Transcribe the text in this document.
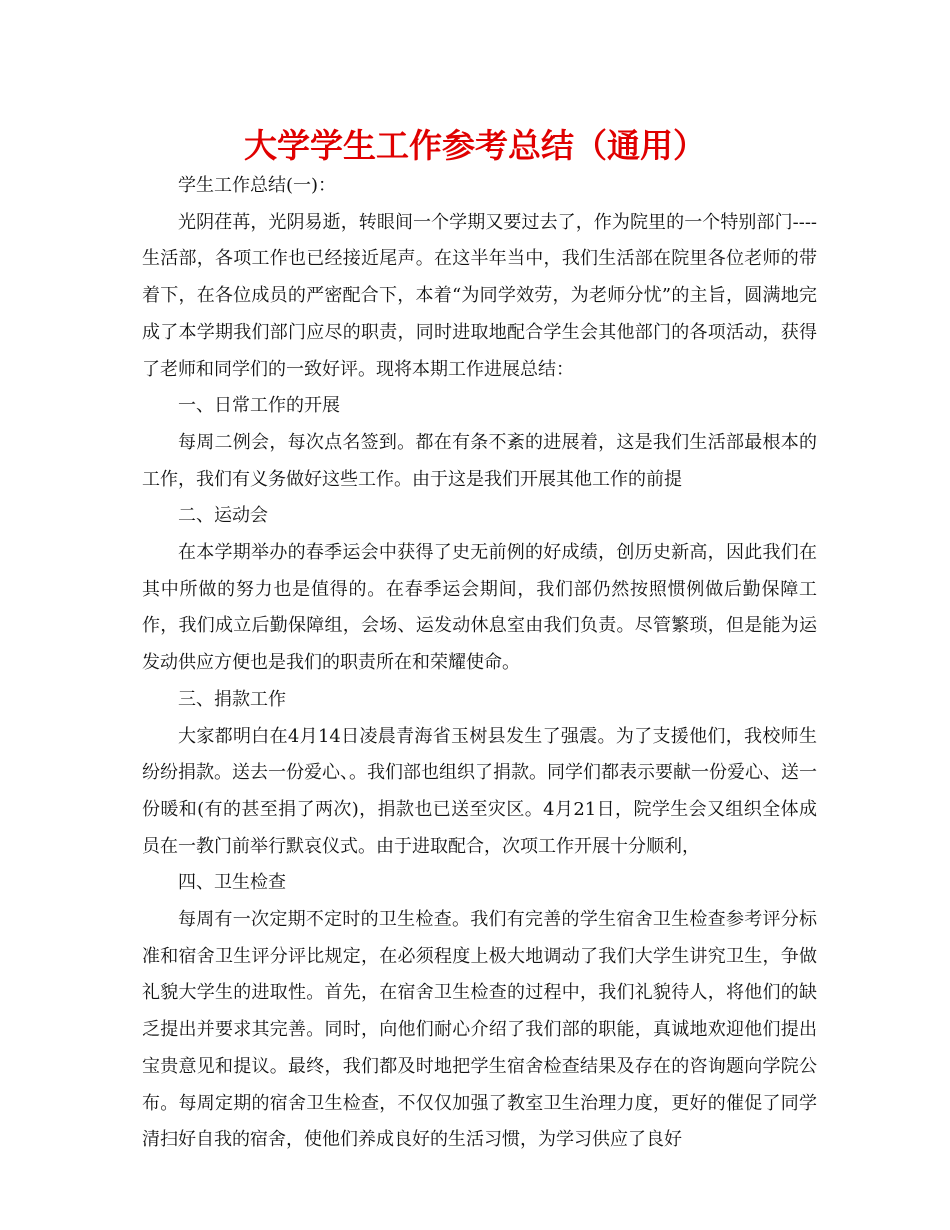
大学学生工作参考总结（通用）

学生工作总结(一)：

光阴荏苒，光阴易逝，转眼间一个学期又要过去了，作为院里的一个特别部门----生活部，各项工作也已经接近尾声。在这半年当中，我们生活部在院里各位老师的带着下，在各位成员的严密配合下，本着“为同学效劳，为老师分忧”的主旨，圆满地完成了本学期我们部门应尽的职责，同时进取地配合学生会其他部门的各项活动，获得了老师和同学们的一致好评。现将本期工作进展总结：

一、日常工作的开展

每周二例会，每次点名签到。都在有条不紊的进展着，这是我们生活部最根本的工作，我们有义务做好这些工作。由于这是我们开展其他工作的前提

二、运动会

在本学期举办的春季运会中获得了史无前例的好成绩，创历史新高，因此我们在其中所做的努力也是值得的。在春季运会期间，我们部仍然按照惯例做后勤保障工作，我们成立后勤保障组，会场、运发动休息室由我们负责。尽管繁琐，但是能为运发动供应方便也是我们的职责所在和荣耀使命。

三、捐款工作

大家都明白在4月14日凌晨青海省玉树县发生了强震。为了支援他们，我校师生纷纷捐款。送去一份爱心、。我们部也组织了捐款。同学们都表示要献一份爱心、送一份暖和(有的甚至捐了两次)，捐款也已送至灾区。4月21日，院学生会又组织全体成员在一教门前举行默哀仪式。由于进取配合，次项工作开展十分顺利，

四、卫生检查

每周有一次定期不定时的卫生检查。我们有完善的学生宿舍卫生检查参考评分标准和宿舍卫生评分评比规定，在必须程度上极大地调动了我们大学生讲究卫生，争做礼貌大学生的进取性。首先，在宿舍卫生检查的过程中，我们礼貌待人，将他们的缺乏提出并要求其完善。同时，向他们耐心介绍了我们部的职能，真诚地欢迎他们提出宝贵意见和提议。最终，我们都及时地把学生宿舍检查结果及存在的咨询题向学院公布。每周定期的宿舍卫生检查，不仅仅加强了教室卫生治理力度，更好的催促了同学清扫好自我的宿舍，使他们养成良好的生活习惯，为学习供应了良好
